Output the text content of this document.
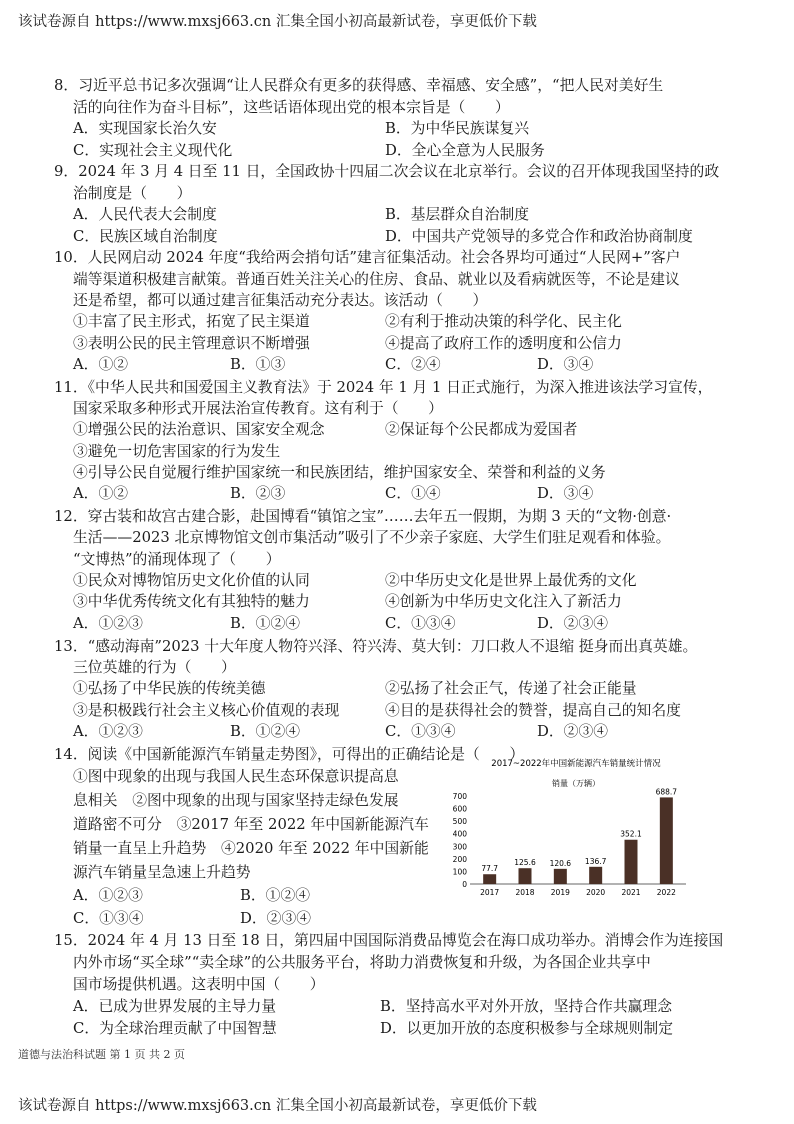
该试卷源自 https://www.mxsj663.cn 汇集全国小初高最新试卷，享更低价下载
8．习近平总书记多次强调“让人民群众有更多的获得感、幸福感、安全感”，“把人民对美好生
活的向往作为奋斗目标”，这些话语体现出党的根本宗旨是（　　）
A．实现国家长治久安	B．为中华民族谋复兴
C．实现社会主义现代化	D．全心全意为人民服务
9．2024 年 3 月 4 日至 11 日，全国政协十四届二次会议在北京举行。会议的召开体现我国坚持的政
治制度是（　　）
A．人民代表大会制度	B．基层群众自治制度
C．民族区域自治制度	D．中国共产党领导的多党合作和政治协商制度
10．人民网启动 2024 年度“我给两会捎句话”建言征集活动。社会各界均可通过“人民网+”客户
端等渠道积极建言献策。普通百姓关注关心的住房、食品、就业以及看病就医等，不论是建议
还是希望，都可以通过建言征集活动充分表达。该活动（　　）
①丰富了民主形式，拓宽了民主渠道	②有利于推动决策的科学化、民主化
③表明公民的民主管理意识不断增强	④提高了政府工作的透明度和公信力
A．①②	B．①③	C．②④	D．③④
11．《中华人民共和国爱国主义教育法》于 2024 年 1 月 1 日正式施行，为深入推进该法学习宣传，
国家采取多种形式开展法治宣传教育。这有利于（　　）
①增强公民的法治意识、国家安全观念	②保证每个公民都成为爱国者
③避免一切危害国家的行为发生
④引导公民自觉履行维护国家统一和民族团结，维护国家安全、荣誉和利益的义务
A．①②	B．②③	C．①④	D．③④
12．穿古装和故宫古建合影，赴国博看“镇馆之宝”……去年五一假期，为期 3 天的“文物·创意·
生活——2023 北京博物馆文创市集活动”吸引了不少亲子家庭、大学生们驻足观看和体验。
“文博热”的涌现体现了（　　）
①民众对博物馆历史文化价值的认同	②中华历史文化是世界上最优秀的文化
③中华优秀传统文化有其独特的魅力	④创新为中华历史文化注入了新活力
A．①②③	B．①②④	C．①③④	D．②③④
13．“感动海南”2023 十大年度人物符兴泽、符兴涛、莫大钊：刀口救人不退缩 挺身而出真英雄。
三位英雄的行为（　　）
①弘扬了中华民族的传统美德	②弘扬了社会正气，传递了社会正能量
③是积极践行社会主义核心价值观的表现	④目的是获得社会的赞誉，提高自己的知名度
A．①②③	B．①②④	C．①③④	D．②③④
14．阅读《中国新能源汽车销量走势图》，可得出的正确结论是（　　）
①图中现象的出现与我国人民生态环保意识提高息
息相关　②图中现象的出现与国家坚持走绿色发展
道路密不可分　③2017 年至 2022 年中国新能源汽车
销量一直呈上升趋势　④2020 年至 2022 年中国新能
源汽车销量呈急速上升趋势
A．①②③	B．①②④
C．①③④	D．②③④
2017~2022年中国新能源汽车销量统计情况
销量（万辆）
0
100
200
300
400
500
600
700
77.7
2017
125.6
2018
120.6
2019
136.7
2020
352.1
2021
688.7
2022
15．2024 年 4 月 13 日至 18 日，第四届中国国际消费品博览会在海口成功举办。消博会作为连接国
内外市场“买全球”“卖全球”的公共服务平台，将助力消费恢复和升级，为各国企业共享中
国市场提供机遇。这表明中国（　　）
A．已成为世界发展的主导力量	B．坚持高水平对外开放，坚持合作共赢理念
C．为全球治理贡献了中国智慧	D．以更加开放的态度积极参与全球规则制定
道德与法治科试题 第 1 页 共 2 页
该试卷源自 https://www.mxsj663.cn 汇集全国小初高最新试卷，享更低价下载
